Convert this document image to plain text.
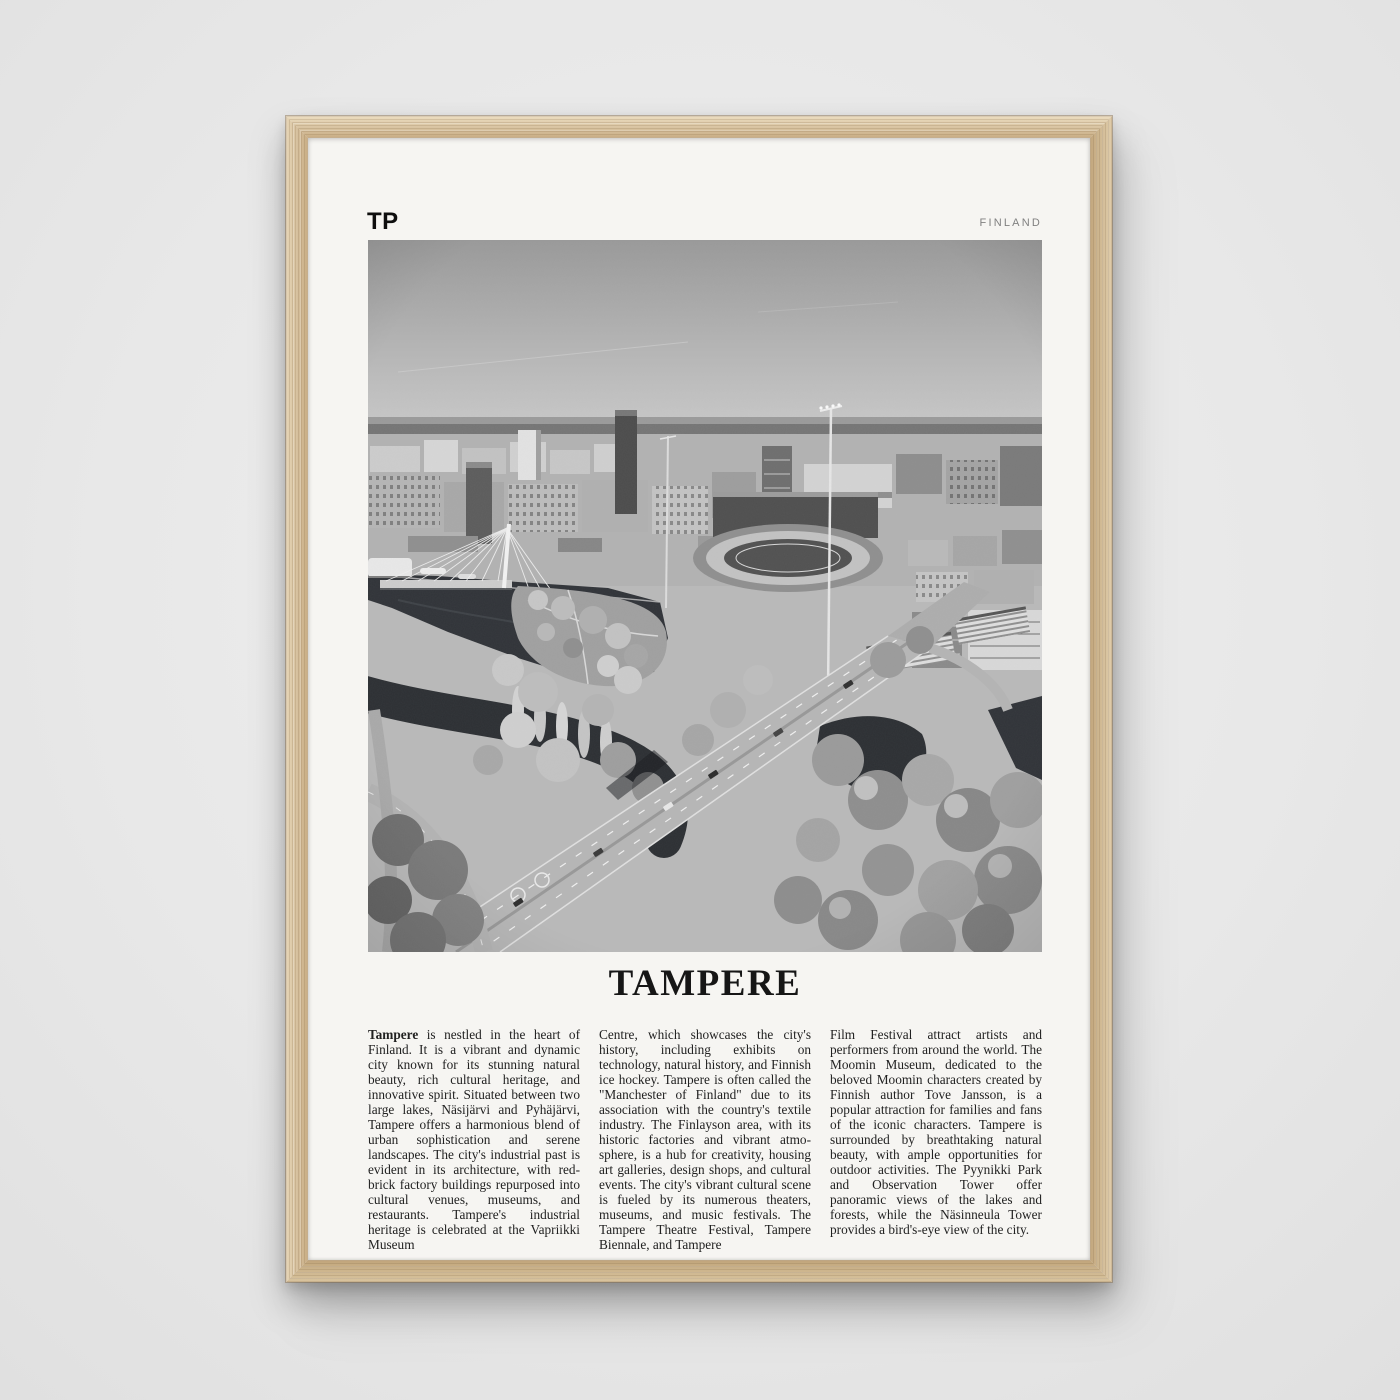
TP	FINLAND
TAMPERE

Tampere is nestled in the heart of Finland. It is a vibrant and dynamic city known for its stunning natural beauty, rich cultural heritage, and innovative spirit. Situated between two large lakes, Näsijärvi and Pyhäjärvi, Tampere offers a harmonious blend of urban sophistication and serene landscapes. The city's industrial past is evident in its architecture, with red-brick factory buildings repurposed into cultural venues, museums, and restaurants. Tampere's industrial heritage is celebrated at the Vapriikki Museum

Centre, which showcases the city's history, including exhibits on technology, natural history, and Finnish ice hockey. Tampere is often called the "Manchester of Finland" due to its association with the country's textile industry. The Finlayson area, with its historic factories and vibrant atmosphere, is a hub for creativity, housing art galleries, design shops, and cultural events. The city's vibrant cultural scene is fueled by its numerous theaters, museums, and music festivals. The Tampere Theatre Festival, Tampere Biennale, and Tampere

Film Festival attract artists and performers from around the world. The Moomin Museum, dedicated to the beloved Moomin characters created by Finnish author Tove Jansson, is a popular attraction for families and fans of the iconic characters. Tampere is surrounded by breathtaking natural beauty, with ample opportunities for outdoor activities. The Pyynikki Park and Observation Tower offer panoramic views of the lakes and forests, while the Näsinneula Tower provides a bird's-eye view of the city.
